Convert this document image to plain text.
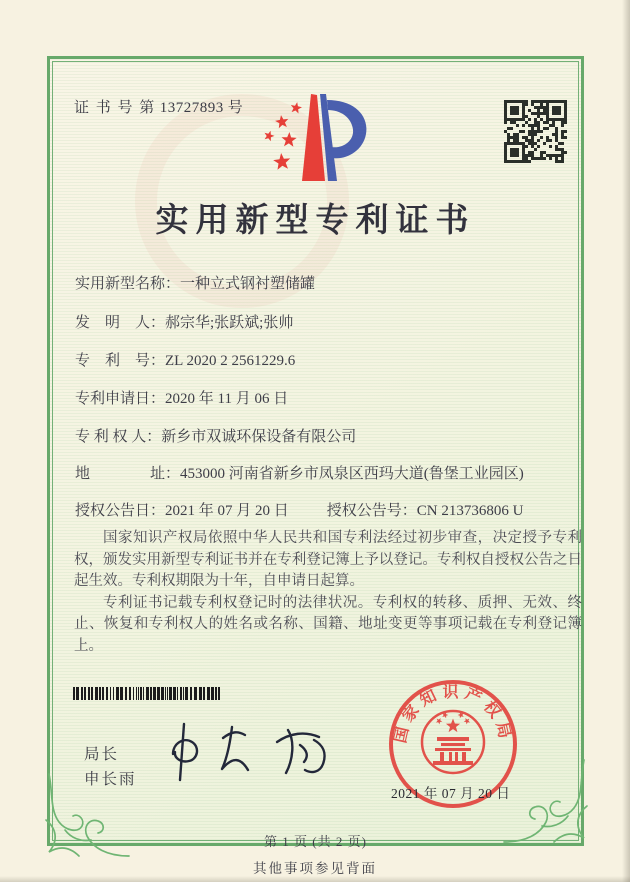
证 书 号 第 13727893 号
实用新型专利证书
实用新型名称：一种立式钢衬塑储罐
发　明　人：郝宗华;张跃斌;张帅
专　利　号：ZL 2020 2 2561229.6
专利申请日：2020 年 11 月 06 日
专 利 权 人：新乡市双诚环保设备有限公司
地　　　　址：453000 河南省新乡市凤泉区西玛大道(鲁堡工业园区)
授权公告日：2021 年 07 月 20 日	授权公告号：CN 213736806 U

国家知识产权局依照中华人民共和国专利法经过初步审查，决定授予专利权，颁发实用新型专利证书并在专利登记簿上予以登记。专利权自授权公告之日起生效。专利权期限为十年，自申请日起算。

专利证书记载专利权登记时的法律状况。专利权的转移、质押、无效、终止、恢复和专利权人的姓名或名称、国籍、地址变更等事项记载在专利登记簿上。

局长
申长雨
国家知识产权局
2021 年 07 月 20 日
第 1 页 (共 2 页)
其他事项参见背面
